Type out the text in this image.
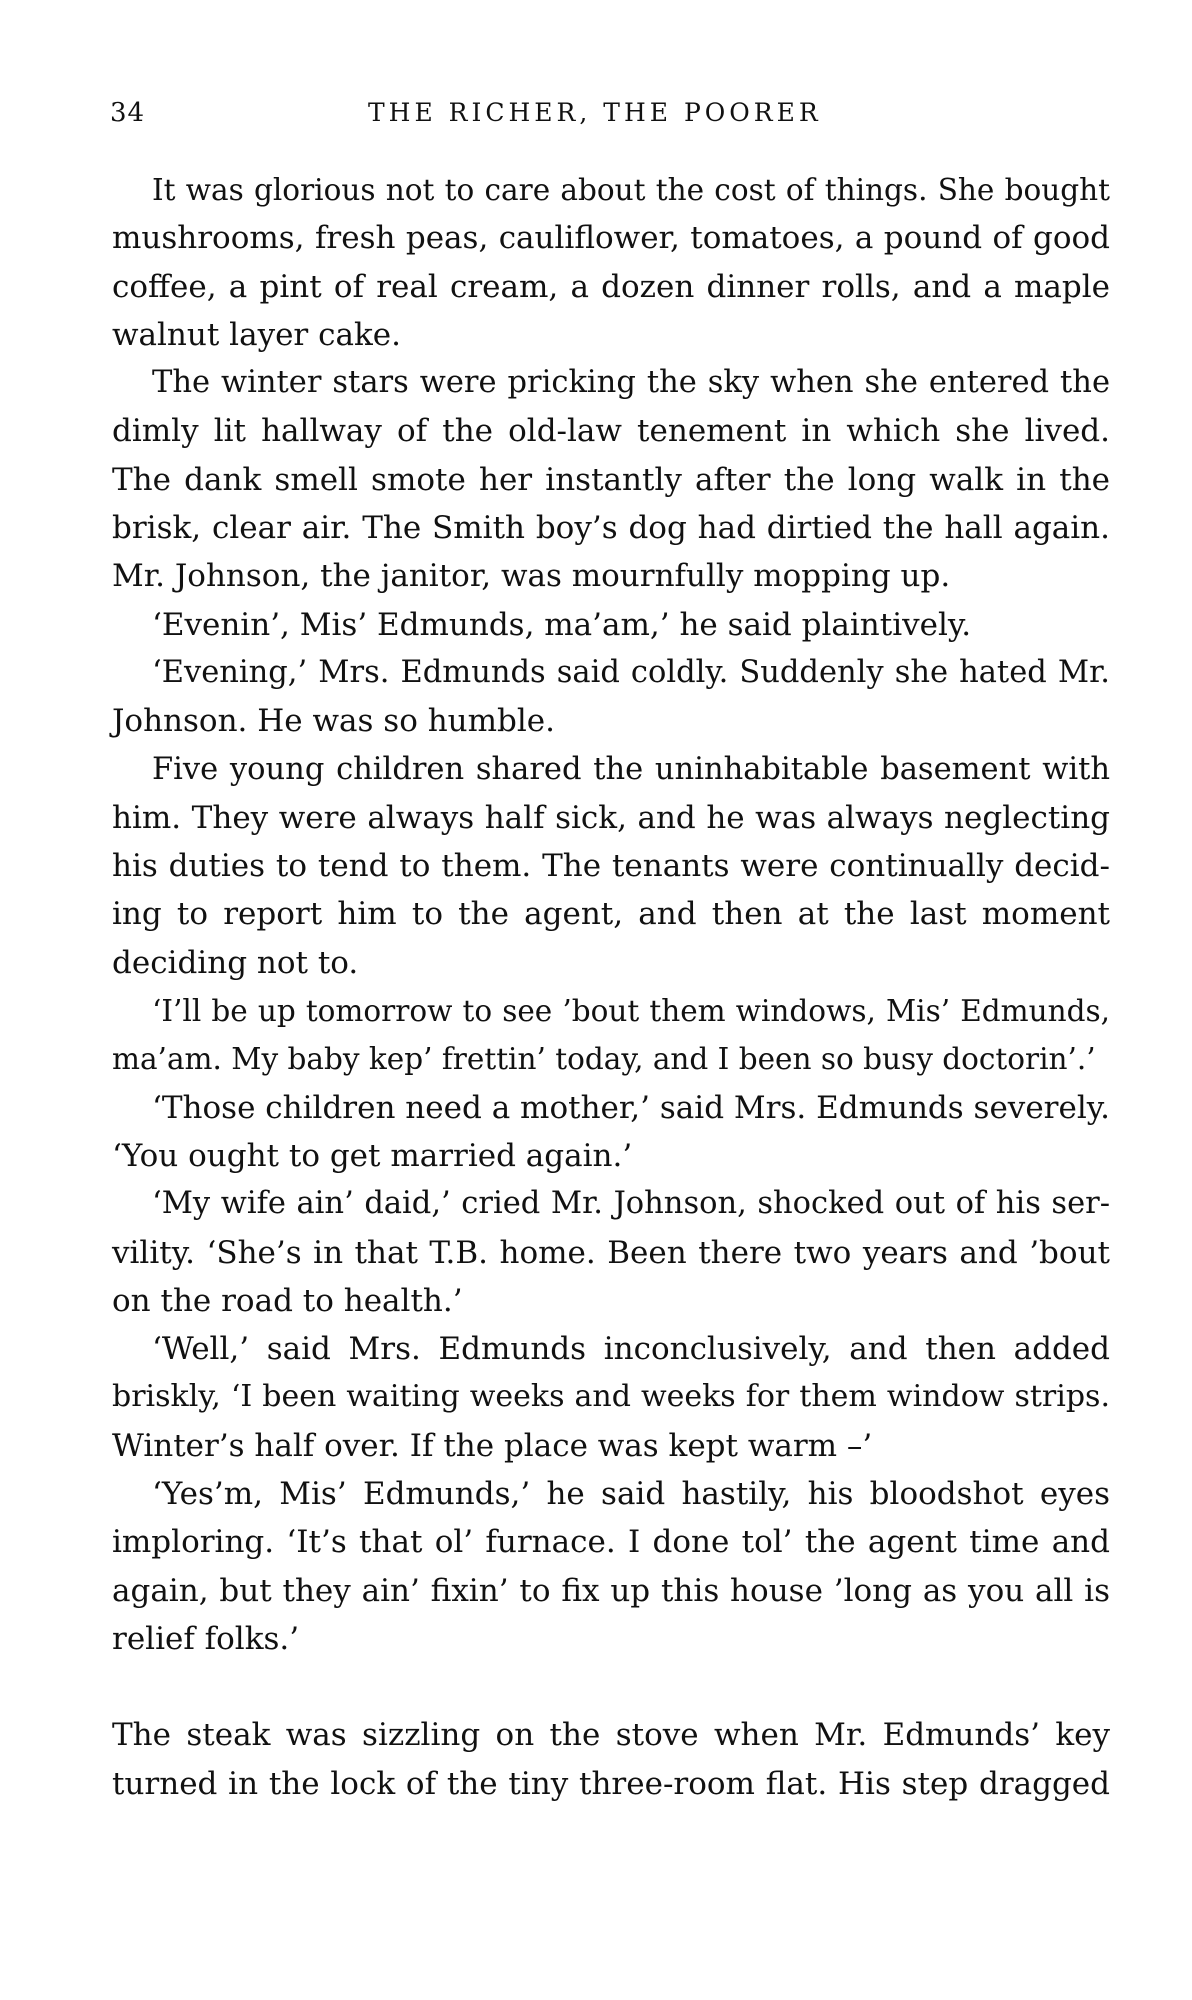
34	THE RICHER, THE POORER
It was glorious not to care about the cost of things. She bought
mushrooms, fresh peas, cauliflower, tomatoes, a pound of good
coffee, a pint of real cream, a dozen dinner rolls, and a maple
walnut layer cake.
The winter stars were pricking the sky when she entered the
dimly lit hallway of the old-law tenement in which she lived.
The dank smell smote her instantly after the long walk in the
brisk, clear air. The Smith boy’s dog had dirtied the hall again.
Mr. Johnson, the janitor, was mournfully mopping up.
‘Evenin’, Mis’ Edmunds, ma’am,’ he said plaintively.
‘Evening,’ Mrs. Edmunds said coldly. Suddenly she hated Mr.
Johnson. He was so humble.
Five young children shared the uninhabitable basement with
him. They were always half sick, and he was always neglecting
his duties to tend to them. The tenants were continually decid-
ing to report him to the agent, and then at the last moment
deciding not to.
‘I’ll be up tomorrow to see ’bout them windows, Mis’ Edmunds,
ma’am. My baby kep’ frettin’ today, and I been so busy doctorin’.’
‘Those children need a mother,’ said Mrs. Edmunds severely.
‘You ought to get married again.’
‘My wife ain’ daid,’ cried Mr. Johnson, shocked out of his ser-
vility. ‘She’s in that T.B. home. Been there two years and ’bout
on the road to health.’
‘Well,’ said Mrs. Edmunds inconclusively, and then added
briskly, ‘I been waiting weeks and weeks for them window strips.
Winter’s half over. If the place was kept warm –’
‘Yes’m, Mis’ Edmunds,’ he said hastily, his bloodshot eyes
imploring. ‘It’s that ol’ furnace. I done tol’ the agent time and
again, but they ain’ fixin’ to fix up this house ’long as you all is
relief folks.’
The steak was sizzling on the stove when Mr. Edmunds’ key
turned in the lock of the tiny three-room flat. His step dragged
